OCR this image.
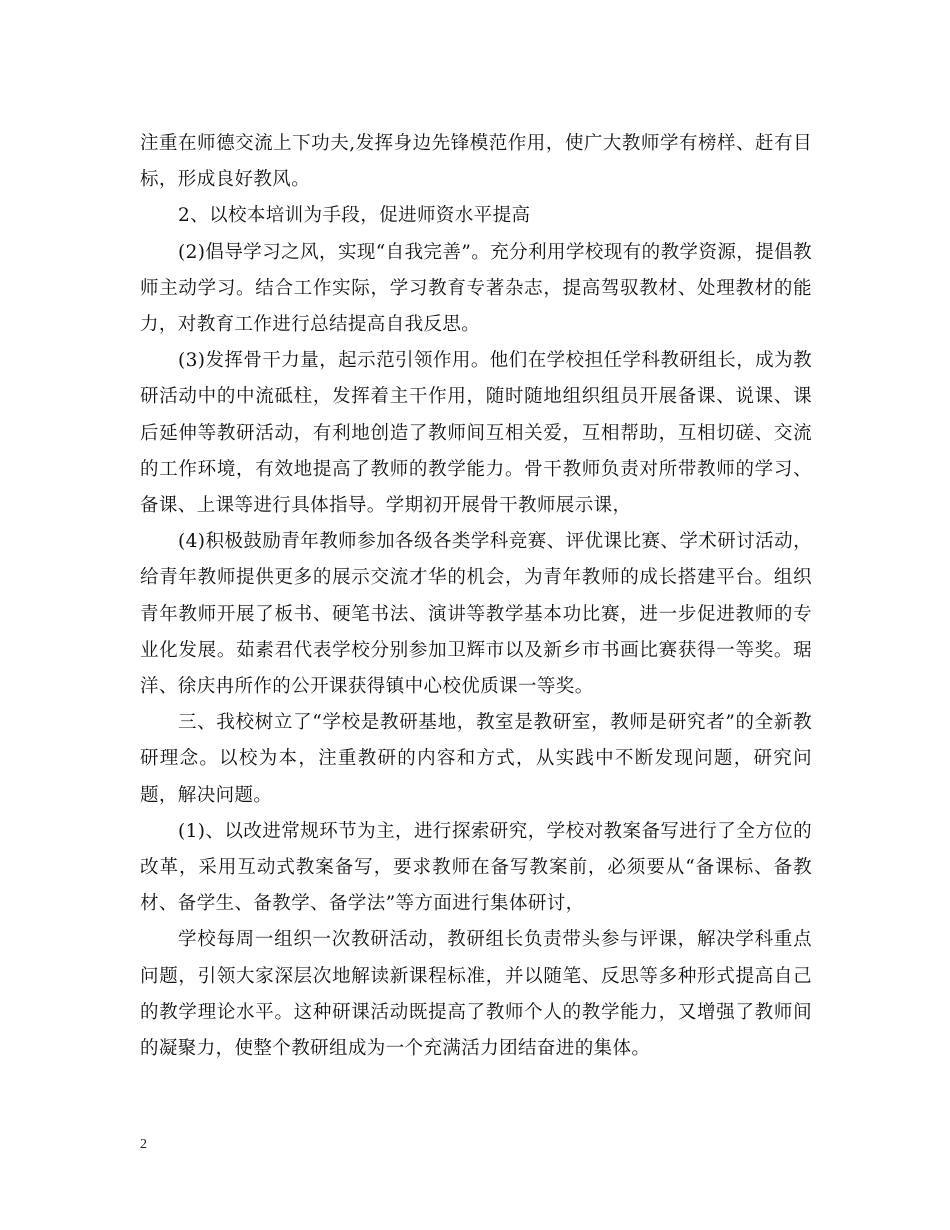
注重在师德交流上下功夫,发挥身边先锋模范作用，使广大教师学有榜样、赶有目标，形成良好教风。

2、以校本培训为手段，促进师资水平提高

(2)倡导学习之风，实现“自我完善”。充分利用学校现有的教学资源，提倡教师主动学习。结合工作实际，学习教育专著杂志，提高驾驭教材、处理教材的能力，对教育工作进行总结提高自我反思。

(3)发挥骨干力量，起示范引领作用。他们在学校担任学科教研组长，成为教研活动中的中流砥柱，发挥着主干作用，随时随地组织组员开展备课、说课、课后延伸等教研活动，有利地创造了教师间互相关爱，互相帮助，互相切磋、交流的工作环境，有效地提高了教师的教学能力。骨干教师负责对所带教师的学习、备课、上课等进行具体指导。学期初开展骨干教师展示课，

(4)积极鼓励青年教师参加各级各类学科竞赛、评优课比赛、学术研讨活动，给青年教师提供更多的展示交流才华的机会，为青年教师的成长搭建平台。组织青年教师开展了板书、硬笔书法、演讲等教学基本功比赛，进一步促进教师的专业化发展。茹素君代表学校分别参加卫辉市以及新乡市书画比赛获得一等奖。琚洋、徐庆冉所作的公开课获得镇中心校优质课一等奖。

三、我校树立了“学校是教研基地，教室是教研室，教师是研究者”的全新教研理念。以校为本，注重教研的内容和方式，从实践中不断发现问题，研究问题，解决问题。

(1)、以改进常规环节为主，进行探索研究，学校对教案备写进行了全方位的改革，采用互动式教案备写，要求教师在备写教案前，必须要从“备课标、备教材、备学生、备教学、备学法”等方面进行集体研讨，

学校每周一组织一次教研活动，教研组长负责带头参与评课，解决学科重点问题，引领大家深层次地解读新课程标准，并以随笔、反思等多种形式提高自己的教学理论水平。这种研课活动既提高了教师个人的教学能力，又增强了教师间的凝聚力，使整个教研组成为一个充满活力团结奋进的集体。

2
